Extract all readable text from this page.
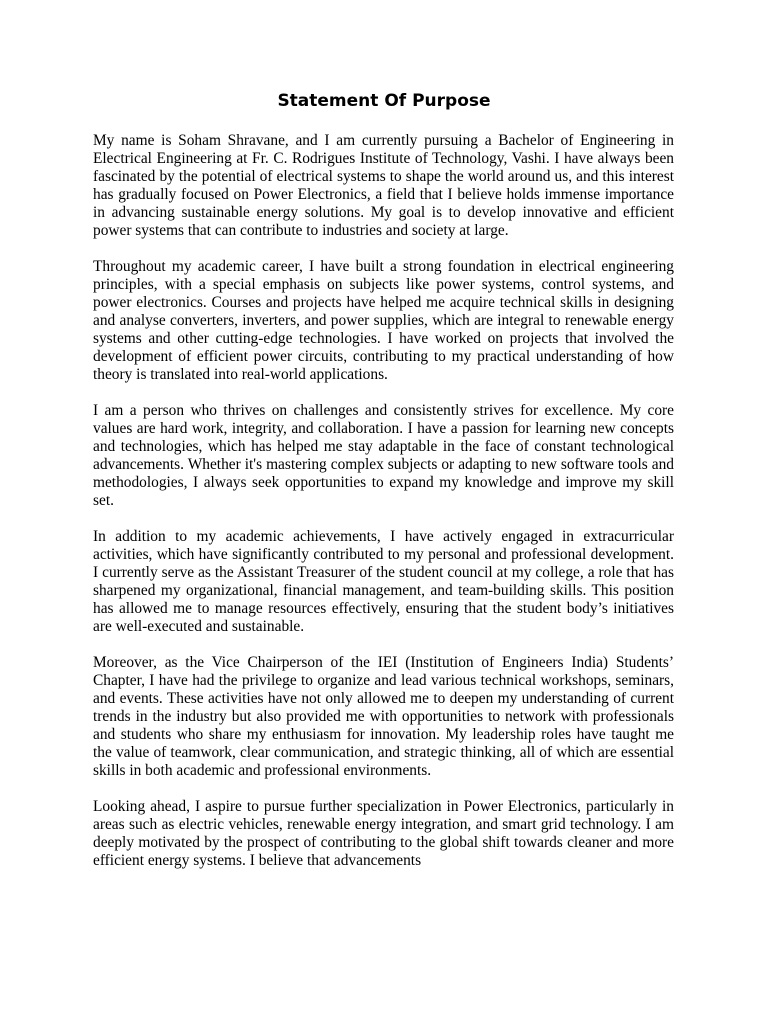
Statement Of Purpose

My name is Soham Shravane, and I am currently pursuing a Bachelor of Engineering in Electrical Engineering at Fr. C. Rodrigues Institute of Technology, Vashi. I have always been fascinated by the potential of electrical systems to shape the world around us, and this interest has gradually focused on Power Electronics, a field that I believe holds immense importance in advancing sustainable energy solutions. My goal is to develop innovative and efficient power systems that can contribute to industries and society at large.

Throughout my academic career, I have built a strong foundation in electrical engineering principles, with a special emphasis on subjects like power systems, control systems, and power electronics. Courses and projects have helped me acquire technical skills in designing and analyse converters, inverters, and power supplies, which are integral to renewable energy systems and other cutting-edge technologies. I have worked on projects that involved the development of efficient power circuits, contributing to my practical understanding of how theory is translated into real-world applications.

I am a person who thrives on challenges and consistently strives for excellence. My core values are hard work, integrity, and collaboration. I have a passion for learning new concepts and technologies, which has helped me stay adaptable in the face of constant technological advancements. Whether it's mastering complex subjects or adapting to new software tools and methodologies, I always seek opportunities to expand my knowledge and improve my skill set.

In addition to my academic achievements, I have actively engaged in extracurricular activities, which have significantly contributed to my personal and professional development. I currently serve as the Assistant Treasurer of the student council at my college, a role that has sharpened my organizational, financial management, and team-building skills. This position has allowed me to manage resources effectively, ensuring that the student body’s initiatives are well-executed and sustainable.

Moreover, as the Vice Chairperson of the IEI (Institution of Engineers India) Students’ Chapter, I have had the privilege to organize and lead various technical workshops, seminars, and events. These activities have not only allowed me to deepen my understanding of current trends in the industry but also provided me with opportunities to network with professionals and students who share my enthusiasm for innovation. My leadership roles have taught me the value of teamwork, clear communication, and strategic thinking, all of which are essential skills in both academic and professional environments.

Looking ahead, I aspire to pursue further specialization in Power Electronics, particularly in areas such as electric vehicles, renewable energy integration, and smart grid technology. I am deeply motivated by the prospect of contributing to the global shift towards cleaner and more efficient energy systems. I believe that advancements
